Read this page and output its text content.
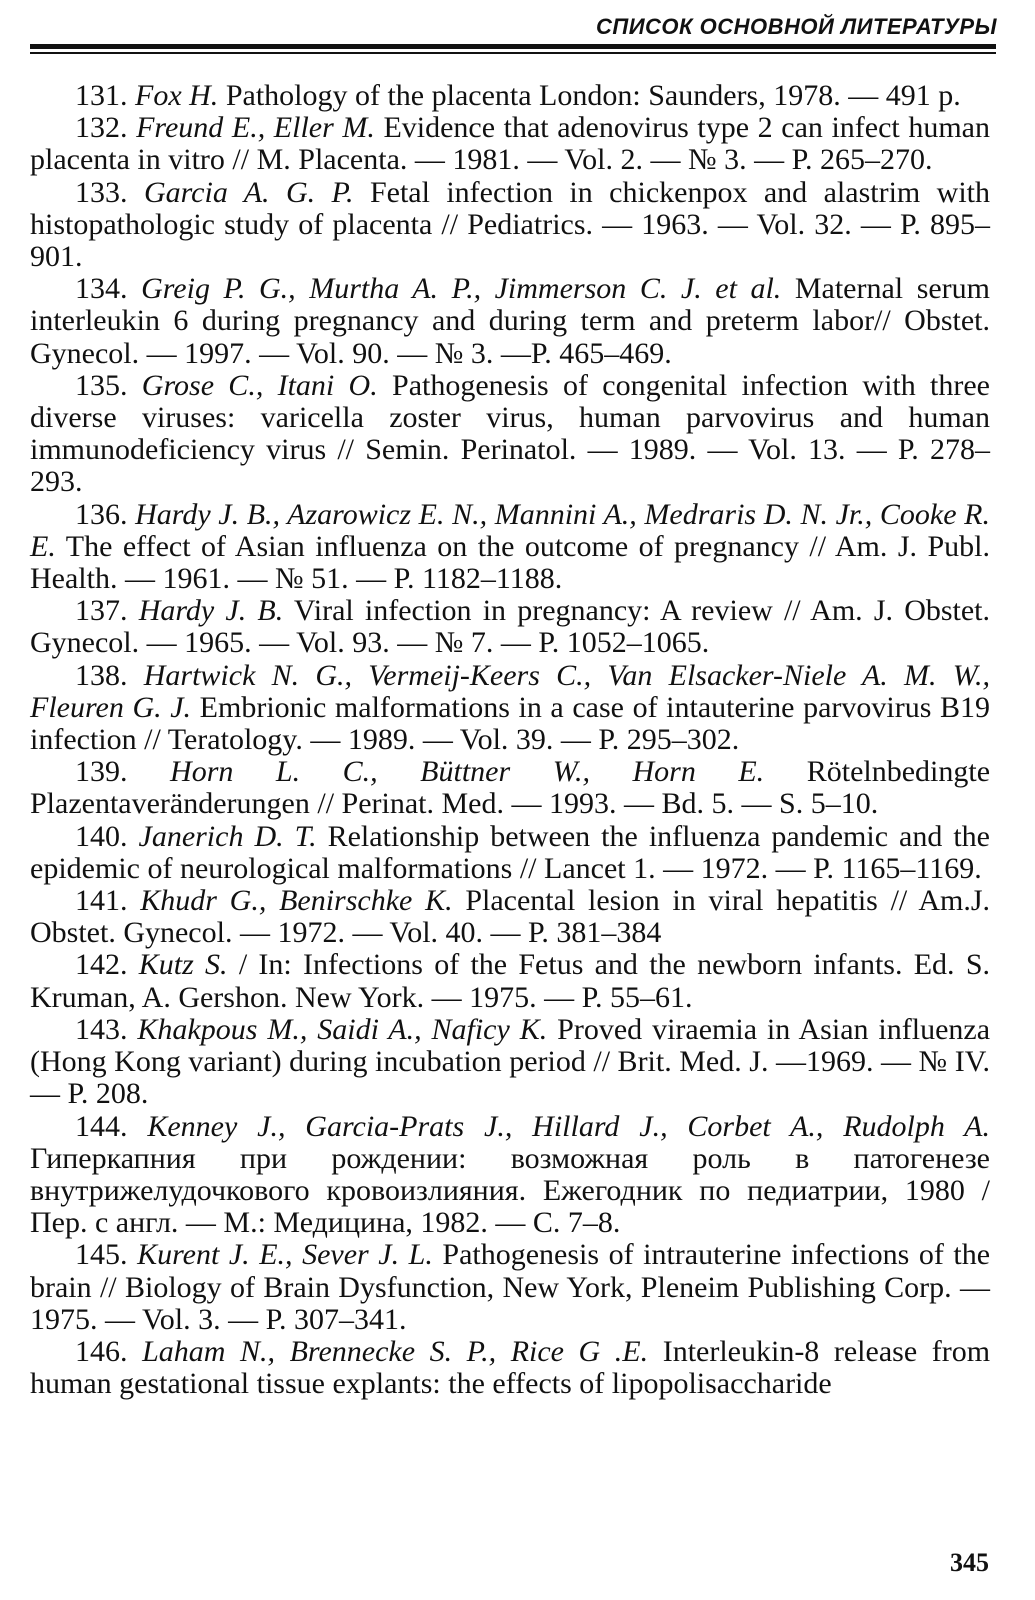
СПИСОК ОСНОВНОЙ ЛИТЕРАТУРЫ

131. Fox H. Pathology of the placenta London: Saunders, 1978. — 491 p.

132. Freund E., Eller M. Evidence that adenovirus type 2 can infect human placenta in vitro // M. Placenta. — 1981. — Vol. 2. — № 3. — P. 265–270.

133. Garcia A. G. P. Fetal infection in chickenpox and alastrim with histopathologic study of placenta // Pediatrics. — 1963. — Vol. 32. — P. 895–901.

134. Greig P. G., Murtha A. P., Jimmerson C. J. et al. Maternal serum interleukin 6 during pregnancy and during term and preterm labor// Obstet. Gynecol. — 1997. — Vol. 90. — № 3. —P. 465–469.

135. Grose C., Itani O. Pathogenesis of congenital infection with three diverse viruses: varicella zoster virus, human parvovirus and human immunodeficiency virus // Semin. Perinatol. — 1989. — Vol. 13. — P. 278–293.

136. Hardy J. B., Azarowicz E. N., Mannini A., Medraris D. N. Jr., Cooke R. E. The effect of Asian influenza on the outcome of pregnancy // Am. J. Publ. Health. — 1961. — № 51. — P. 1182–1188.

137. Hardy J. B. Viral infection in pregnancy: A review // Am. J. Obstet. Gynecol. — 1965. — Vol. 93. — № 7. — P. 1052–1065.

138. Hartwick N. G., Vermeij-Keers C., Van Elsacker-Niele A. M. W., Fleuren G. J. Embrionic malformations in a case of intauterine parvovirus B19 infection // Teratology. — 1989. — Vol. 39. — P. 295–302.

139. Horn L. C., Büttner W., Horn E. Rötelnbedingte Plazentaveränderungen // Perinat. Med. — 1993. — Bd. 5. — S. 5–10.

140. Janerich D. T. Relationship between the influenza pandemic and the epidemic of neurological malformations // Lancet 1. — 1972. — P. 1165–1169.

141. Khudr G., Benirschke K. Placental lesion in viral hepatitis // Am.J. Obstet. Gynecol. — 1972. — Vol. 40. — P. 381–384

142. Kutz S. / In: Infections of the Fetus and the newborn infants. Ed. S. Kruman, A. Gershon. New York. — 1975. — P. 55–61.

143. Khakpous M., Saidi A., Naficy K. Proved viraemia in Asian influenza (Hong Kong variant) during incubation period // Brit. Med. J. —1969. — № IV. — P. 208.

144. Kenney J., Garcia-Prats J., Hillard J., Corbet A., Rudolph A. Гиперкапния при рождении: возможная роль в патогенезе внутрижелудочкового кровоизлияния. Ежегодник по педиатрии, 1980 / Пер. с англ. — М.: Медицина, 1982. — С. 7–8.

145. Kurent J. E., Sever J. L. Pathogenesis of intrauterine infections of the brain // Biology of Brain Dysfunction, New York, Pleneim Publishing Corp. — 1975. — Vol. 3. — P. 307–341.

146. Laham N., Brennecke S. P., Rice G .E. Interleukin-8 release from human gestational tissue explants: the effects of lipopolisaccharide

345
